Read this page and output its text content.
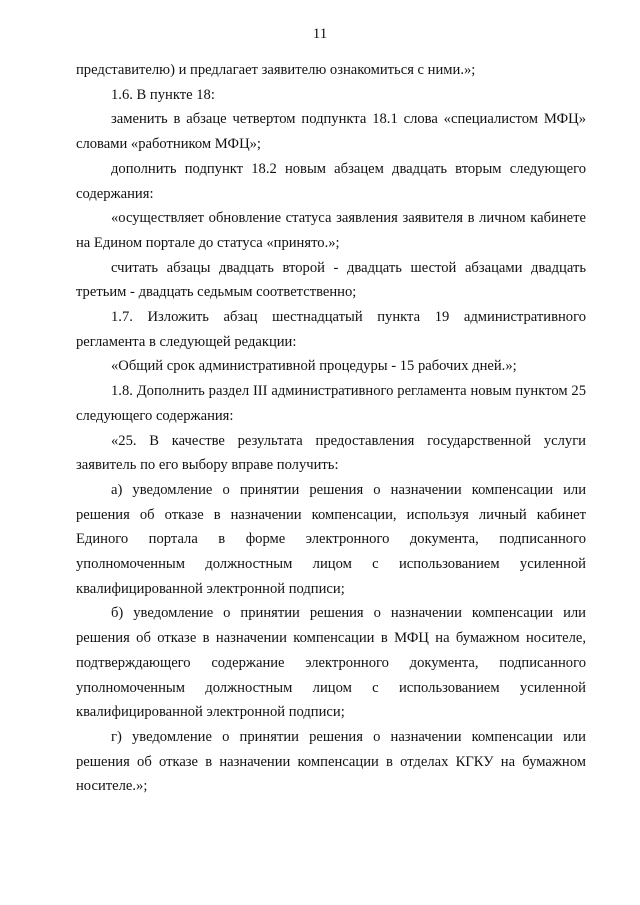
11

представителю) и предлагает заявителю ознакомиться с ними.»;

1.6. В пункте 18:

заменить в абзаце четвертом подпункта 18.1 слова «специалистом МФЦ» словами «работником МФЦ»;

дополнить подпункт 18.2 новым абзацем двадцать вторым следующего содержания:

«осуществляет обновление статуса заявления заявителя в личном кабинете на Едином портале до статуса «принято.»;

считать абзацы двадцать второй - двадцать шестой абзацами двадцать третьим - двадцать седьмым соответственно;

1.7. Изложить абзац шестнадцатый пункта 19 административного регламента в следующей редакции:

«Общий срок административной процедуры - 15 рабочих дней.»;

1.8. Дополнить раздел III административного регламента новым пунктом 25 следующего содержания:

«25. В качестве результата предоставления государственной услуги заявитель по его выбору вправе получить:

а) уведомление о принятии решения о назначении компенсации или решения об отказе в назначении компенсации, используя личный кабинет Единого портала в форме электронного документа, подписанного уполномоченным должностным лицом с использованием усиленной квалифицированной электронной подписи;

б) уведомление о принятии решения о назначении компенсации или решения об отказе в назначении компенсации в МФЦ на бумажном носителе, подтверждающего содержание электронного документа, подписанного уполномоченным должностным лицом с использованием усиленной квалифицированной электронной подписи;

г) уведомление о принятии решения о назначении компенсации или решения об отказе в назначении компенсации в отделах КГКУ на бумажном носителе.»;
